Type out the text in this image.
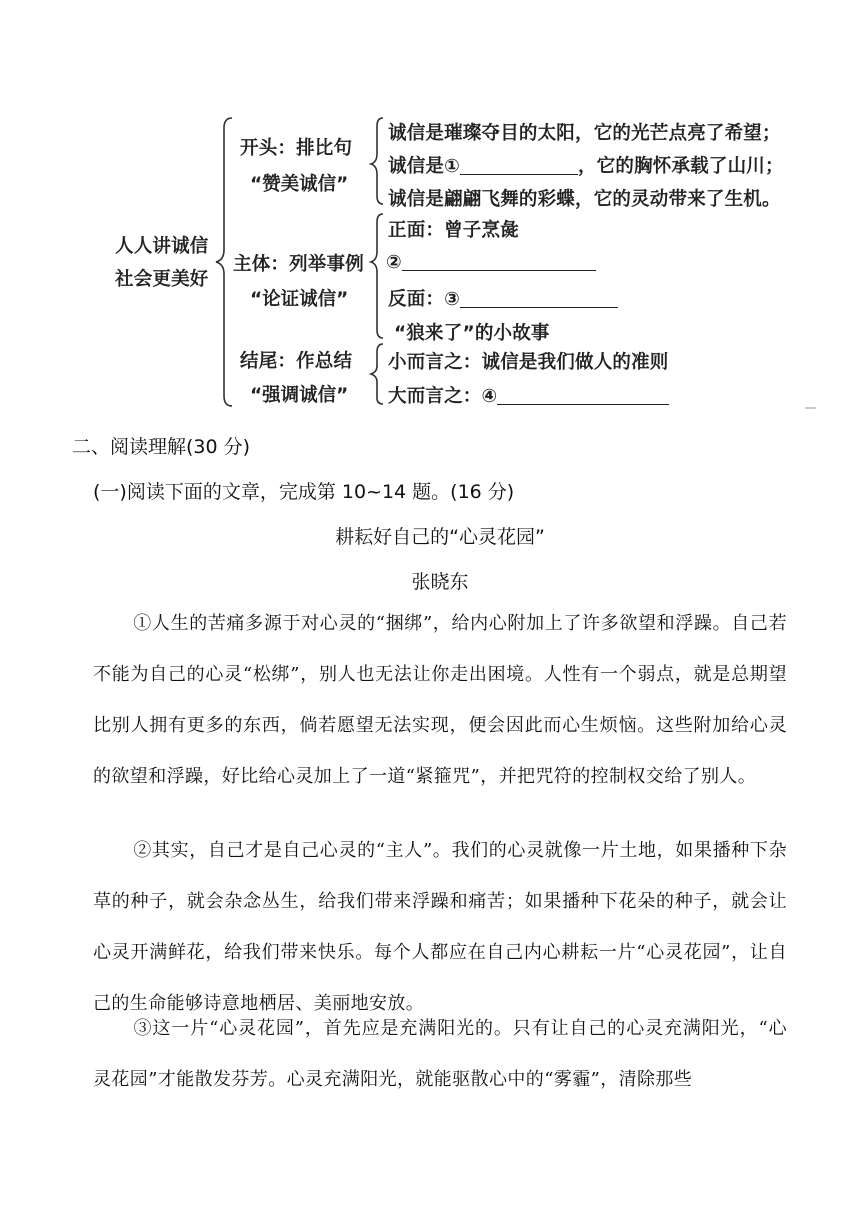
人人讲诚信
社会更美好
开头：排比句
“赞美诚信”
诚信是璀璨夺目的太阳，它的光芒点亮了希望；
诚信是①	，它的胸怀承载了山川；
诚信是翩翩飞舞的彩蝶，它的灵动带来了生机。
主体：列举事例
“论证诚信”
正面：曾子烹彘
②
反面：③
“狼来了”的小故事
结尾：作总结
“强调诚信”
小而言之：诚信是我们做人的准则
大而言之：④
二、阅读理解(30 分)
(一)阅读下面的文章，完成第 10~14 题。(16 分)
耕耘好自己的“心灵花园”
张晓东
①人生的苦痛多源于对心灵的“捆绑”，给内心附加上了许多欲望和浮躁。自己若不能为自己的心灵“松绑”，别人也无法让你走出困境。人性有一个弱点，就是总期望比别人拥有更多的东西，倘若愿望无法实现，便会因此而心生烦恼。这些附加给心灵的欲望和浮躁，好比给心灵加上了一道“紧箍咒”，并把咒符的控制权交给了别人。
②其实，自己才是自己心灵的“主人”。我们的心灵就像一片土地，如果播种下杂草的种子，就会杂念丛生，给我们带来浮躁和痛苦；如果播种下花朵的种子，就会让心灵开满鲜花，给我们带来快乐。每个人都应在自己内心耕耘一片“心灵花园”，让自己的生命能够诗意地栖居、美丽地安放。
③这一片“心灵花园”，首先应是充满阳光的。只有让自己的心灵充满阳光，“心灵花园”才能散发芬芳。心灵充满阳光，就能驱散心中的“雾霾”，清除那些
